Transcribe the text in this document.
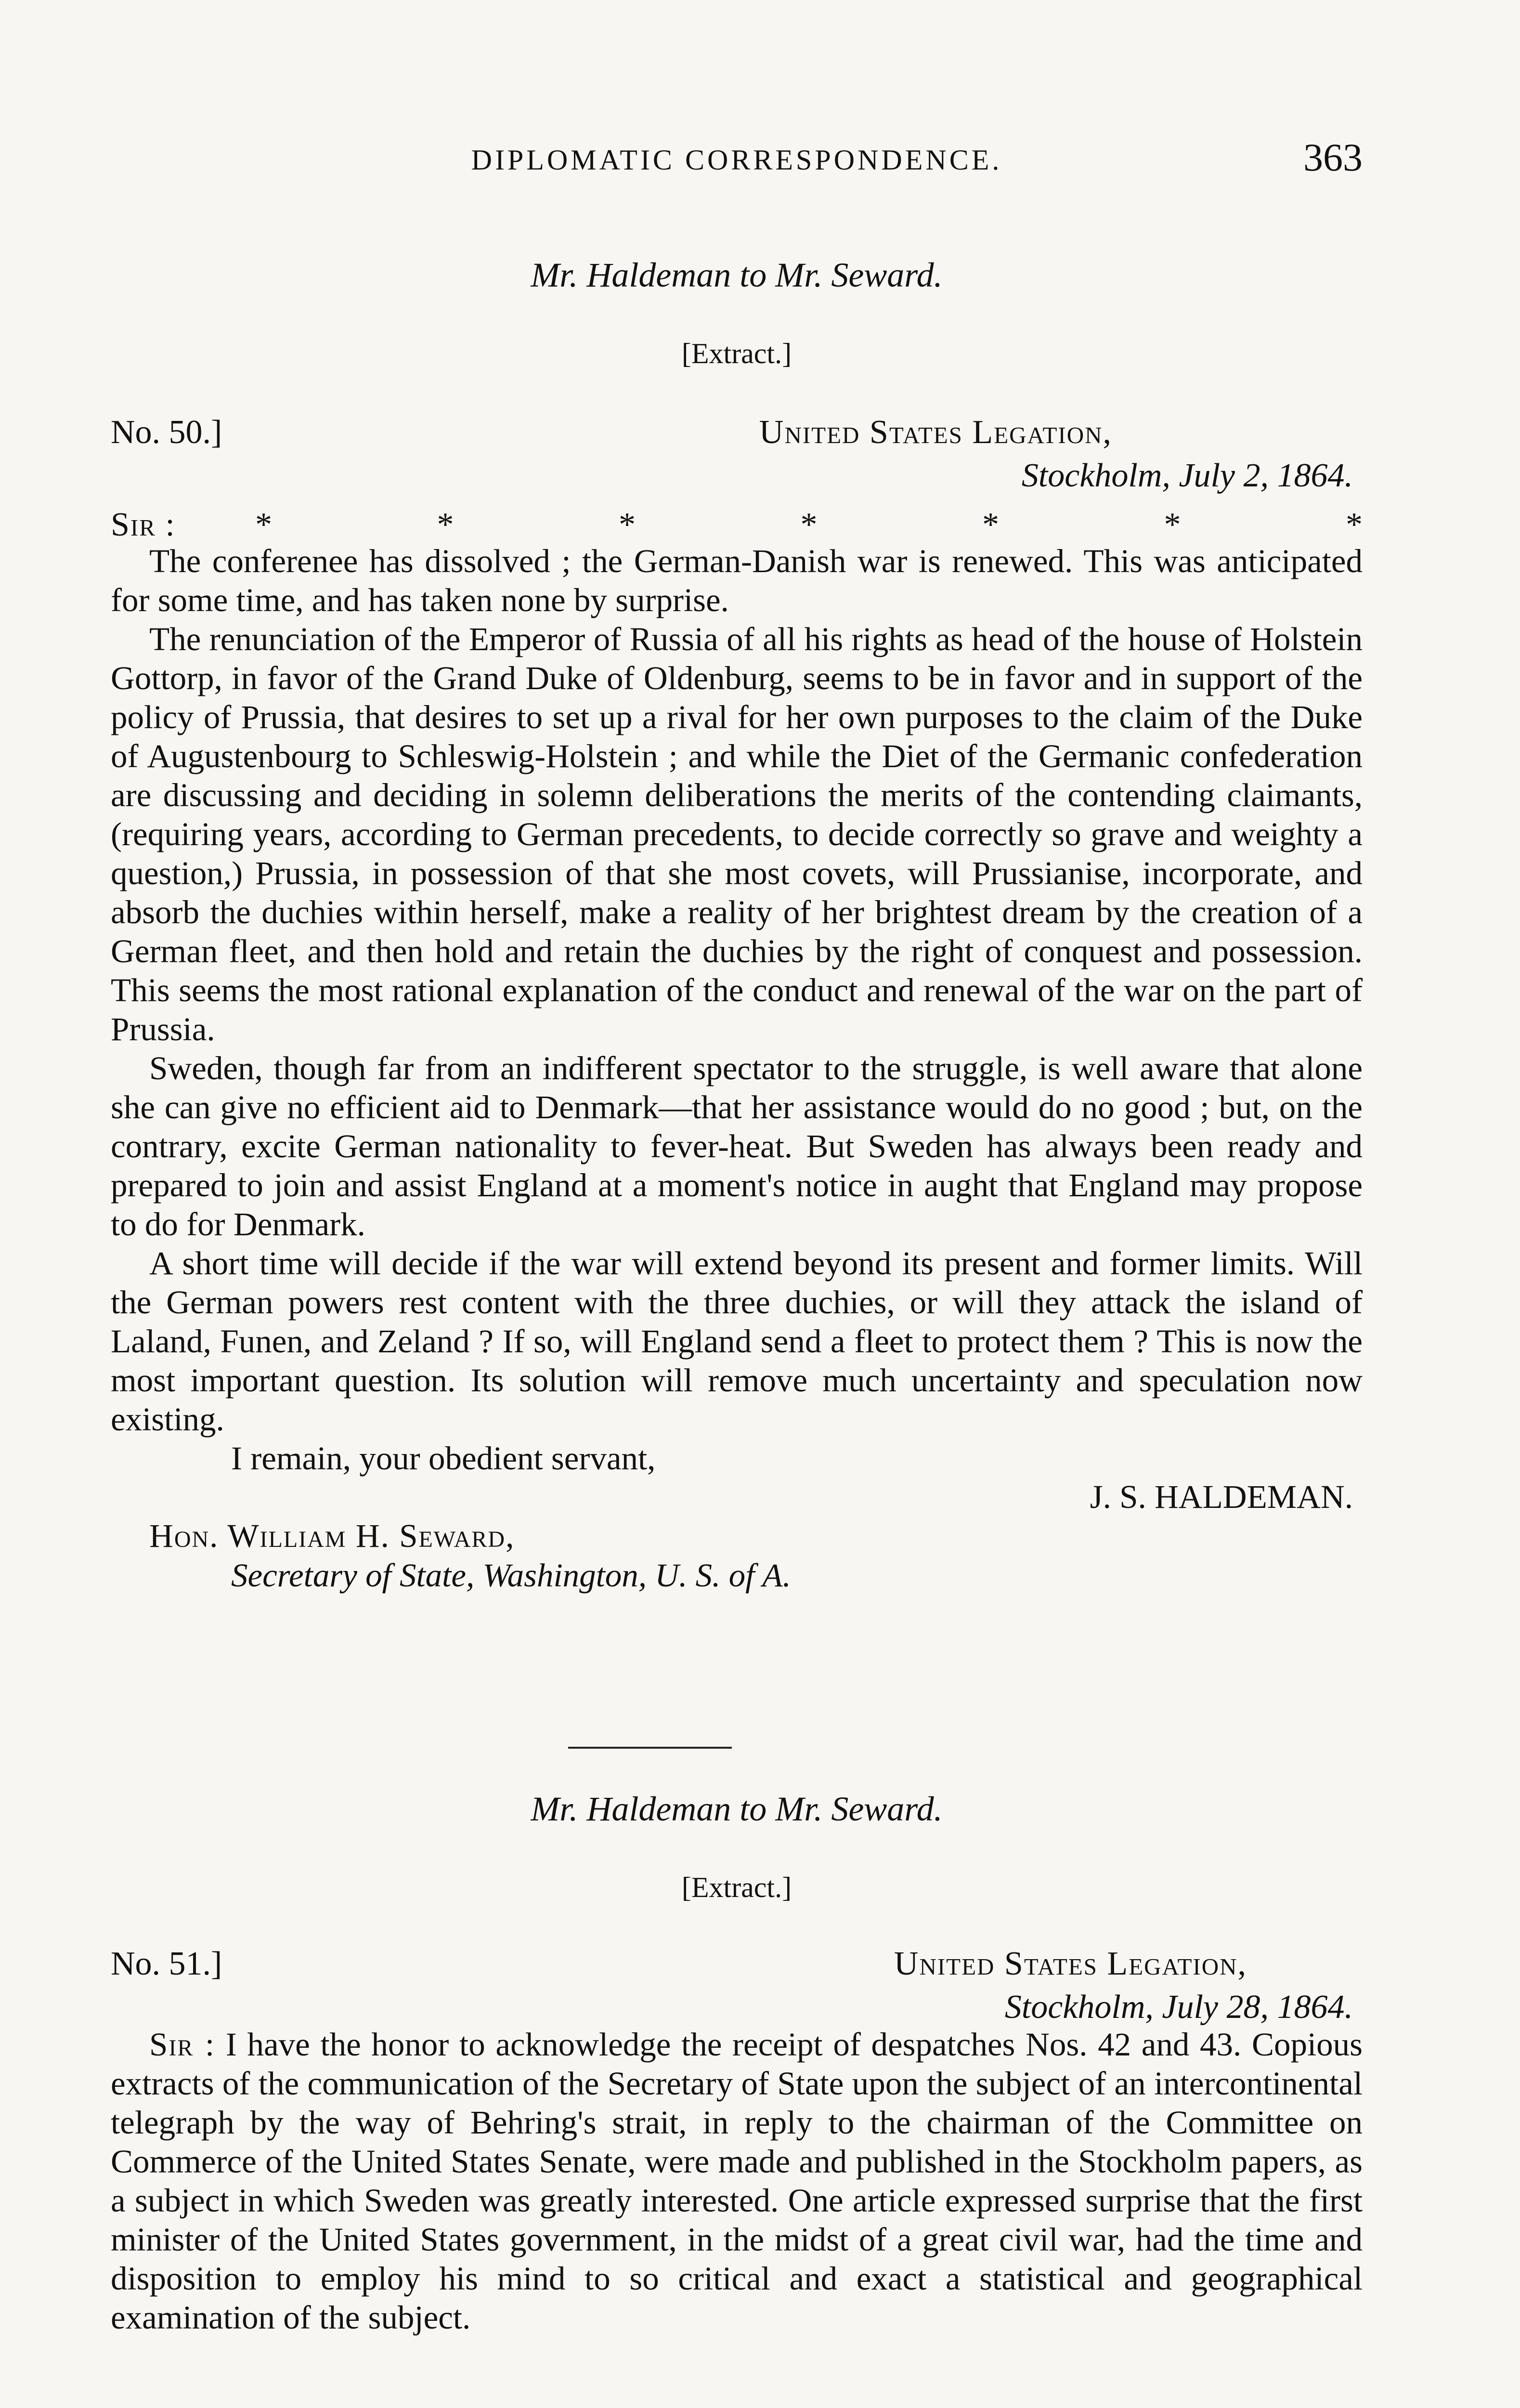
DIPLOMATIC CORRESPONDENCE.	363
Mr. Haldeman to Mr. Seward.
[Extract.]
No. 50.]	United States Legation,
Stockholm, July 2, 1864.
Sir : *	*	*	*	*	*	*

The conferenee has dissolved ; the German-Danish war is renewed. This was anticipated for some time, and has taken none by surprise.

The renunciation of the Emperor of Russia of all his rights as head of the house of Holstein Gottorp, in favor of the Grand Duke of Oldenburg, seems to be in favor and in support of the policy of Prussia, that desires to set up a rival for her own purposes to the claim of the Duke of Augustenbourg to Schleswig-Holstein ; and while the Diet of the Germanic confederation are discussing and deciding in solemn deliberations the merits of the contending claimants, (requiring years, according to German precedents, to decide correctly so grave and weighty a question,) Prussia, in possession of that she most covets, will Prussianise, incorporate, and absorb the duchies within herself, make a reality of her brightest dream by the creation of a German fleet, and then hold and retain the duchies by the right of conquest and possession. This seems the most rational explanation of the conduct and renewal of the war on the part of Prussia.

Sweden, though far from an indifferent spectator to the struggle, is well aware that alone she can give no efficient aid to Denmark—that her assistance would do no good ; but, on the contrary, excite German nationality to fever-heat. But Sweden has always been ready and prepared to join and assist England at a moment's notice in aught that England may propose to do for Denmark.

A short time will decide if the war will extend beyond its present and former limits. Will the German powers rest content with the three duchies, or will they attack the island of Laland, Funen, and Zeland ? If so, will England send a fleet to protect them ? This is now the most important question. Its solution will remove much uncertainty and speculation now existing.

I remain, your obedient servant,

J. S. HALDEMAN.
Hon. William H. Seward,
Secretary of State, Washington, U. S. of A.
Mr. Haldeman to Mr. Seward.
[Extract.]
No. 51.]	United States Legation,
Stockholm, July 28, 1864.

Sir : I have the honor to acknowledge the receipt of despatches Nos. 42 and 43. Copious extracts of the communication of the Secretary of State upon the subject of an intercontinental telegraph by the way of Behring's strait, in reply to the chairman of the Committee on Commerce of the United States Senate, were made and published in the Stockholm papers, as a subject in which Sweden was greatly interested. One article expressed surprise that the first minister of the United States government, in the midst of a great civil war, had the time and disposition to employ his mind to so critical and exact a statistical and geographical examination of the subject.
